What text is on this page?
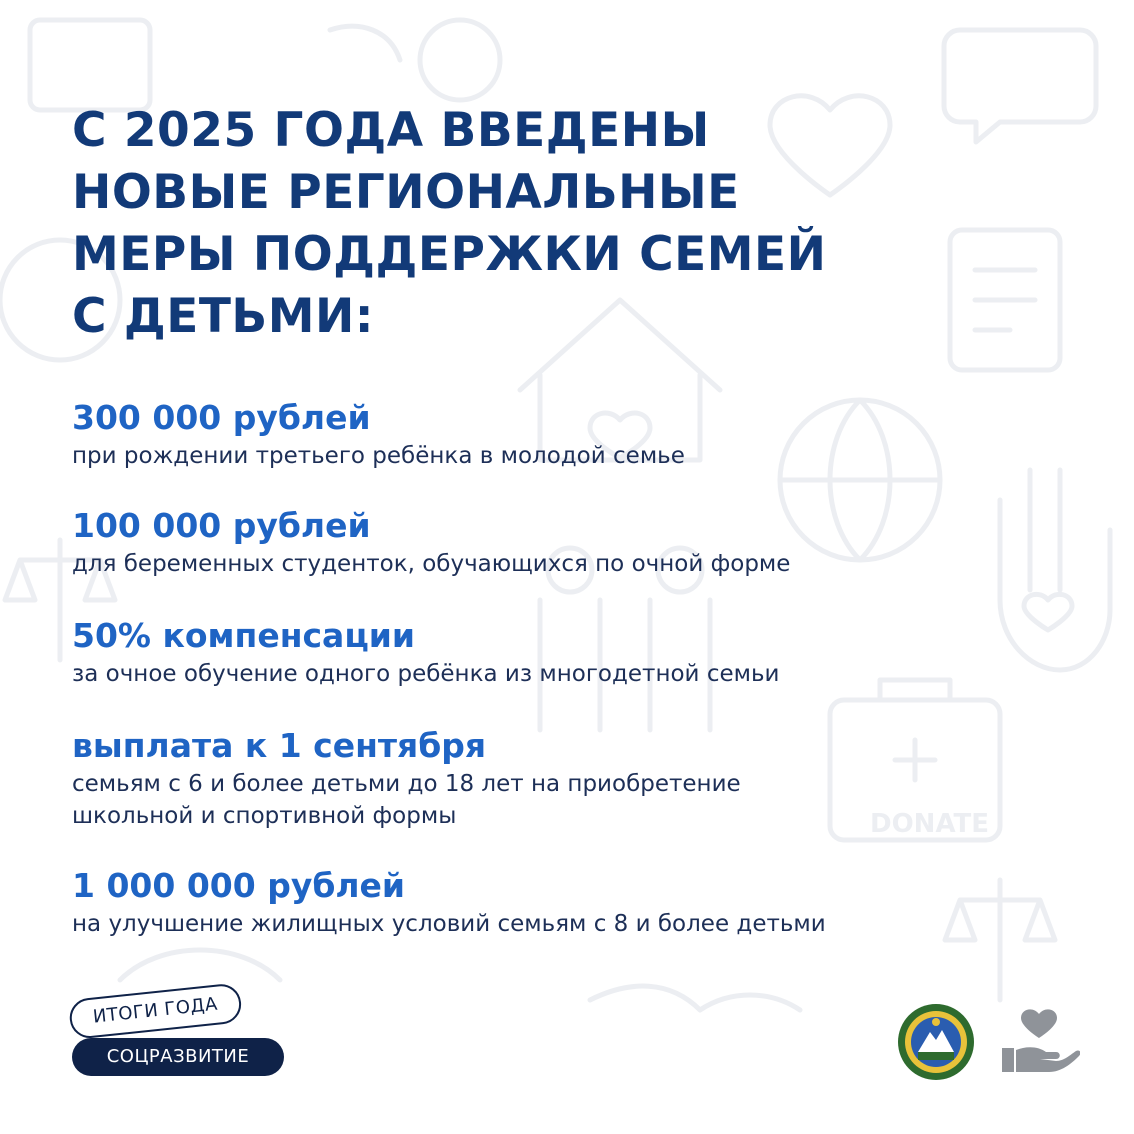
DONATE
С 2025 ГОДА ВВЕДЕНЫ
НОВЫЕ РЕГИОНАЛЬНЫЕ
МЕРЫ ПОДДЕРЖКИ СЕМЕЙ
С ДЕТЬМИ:
300 000 рублей
при рождении третьего ребёнка в молодой семье
100 000 рублей
для беременных студенток, обучающихся по очной форме
50% компенсации
за очное обучение одного ребёнка из многодетной семьи
выплата к 1 сентября
семьям с 6 и более детьми до 18 лет на приобретение
школьной и спортивной формы
1 000 000 рублей
на улучшение жилищных условий семьям с 8 и более детьми
СОЦРАЗВИТИЕ
ИТОГИ ГОДА
